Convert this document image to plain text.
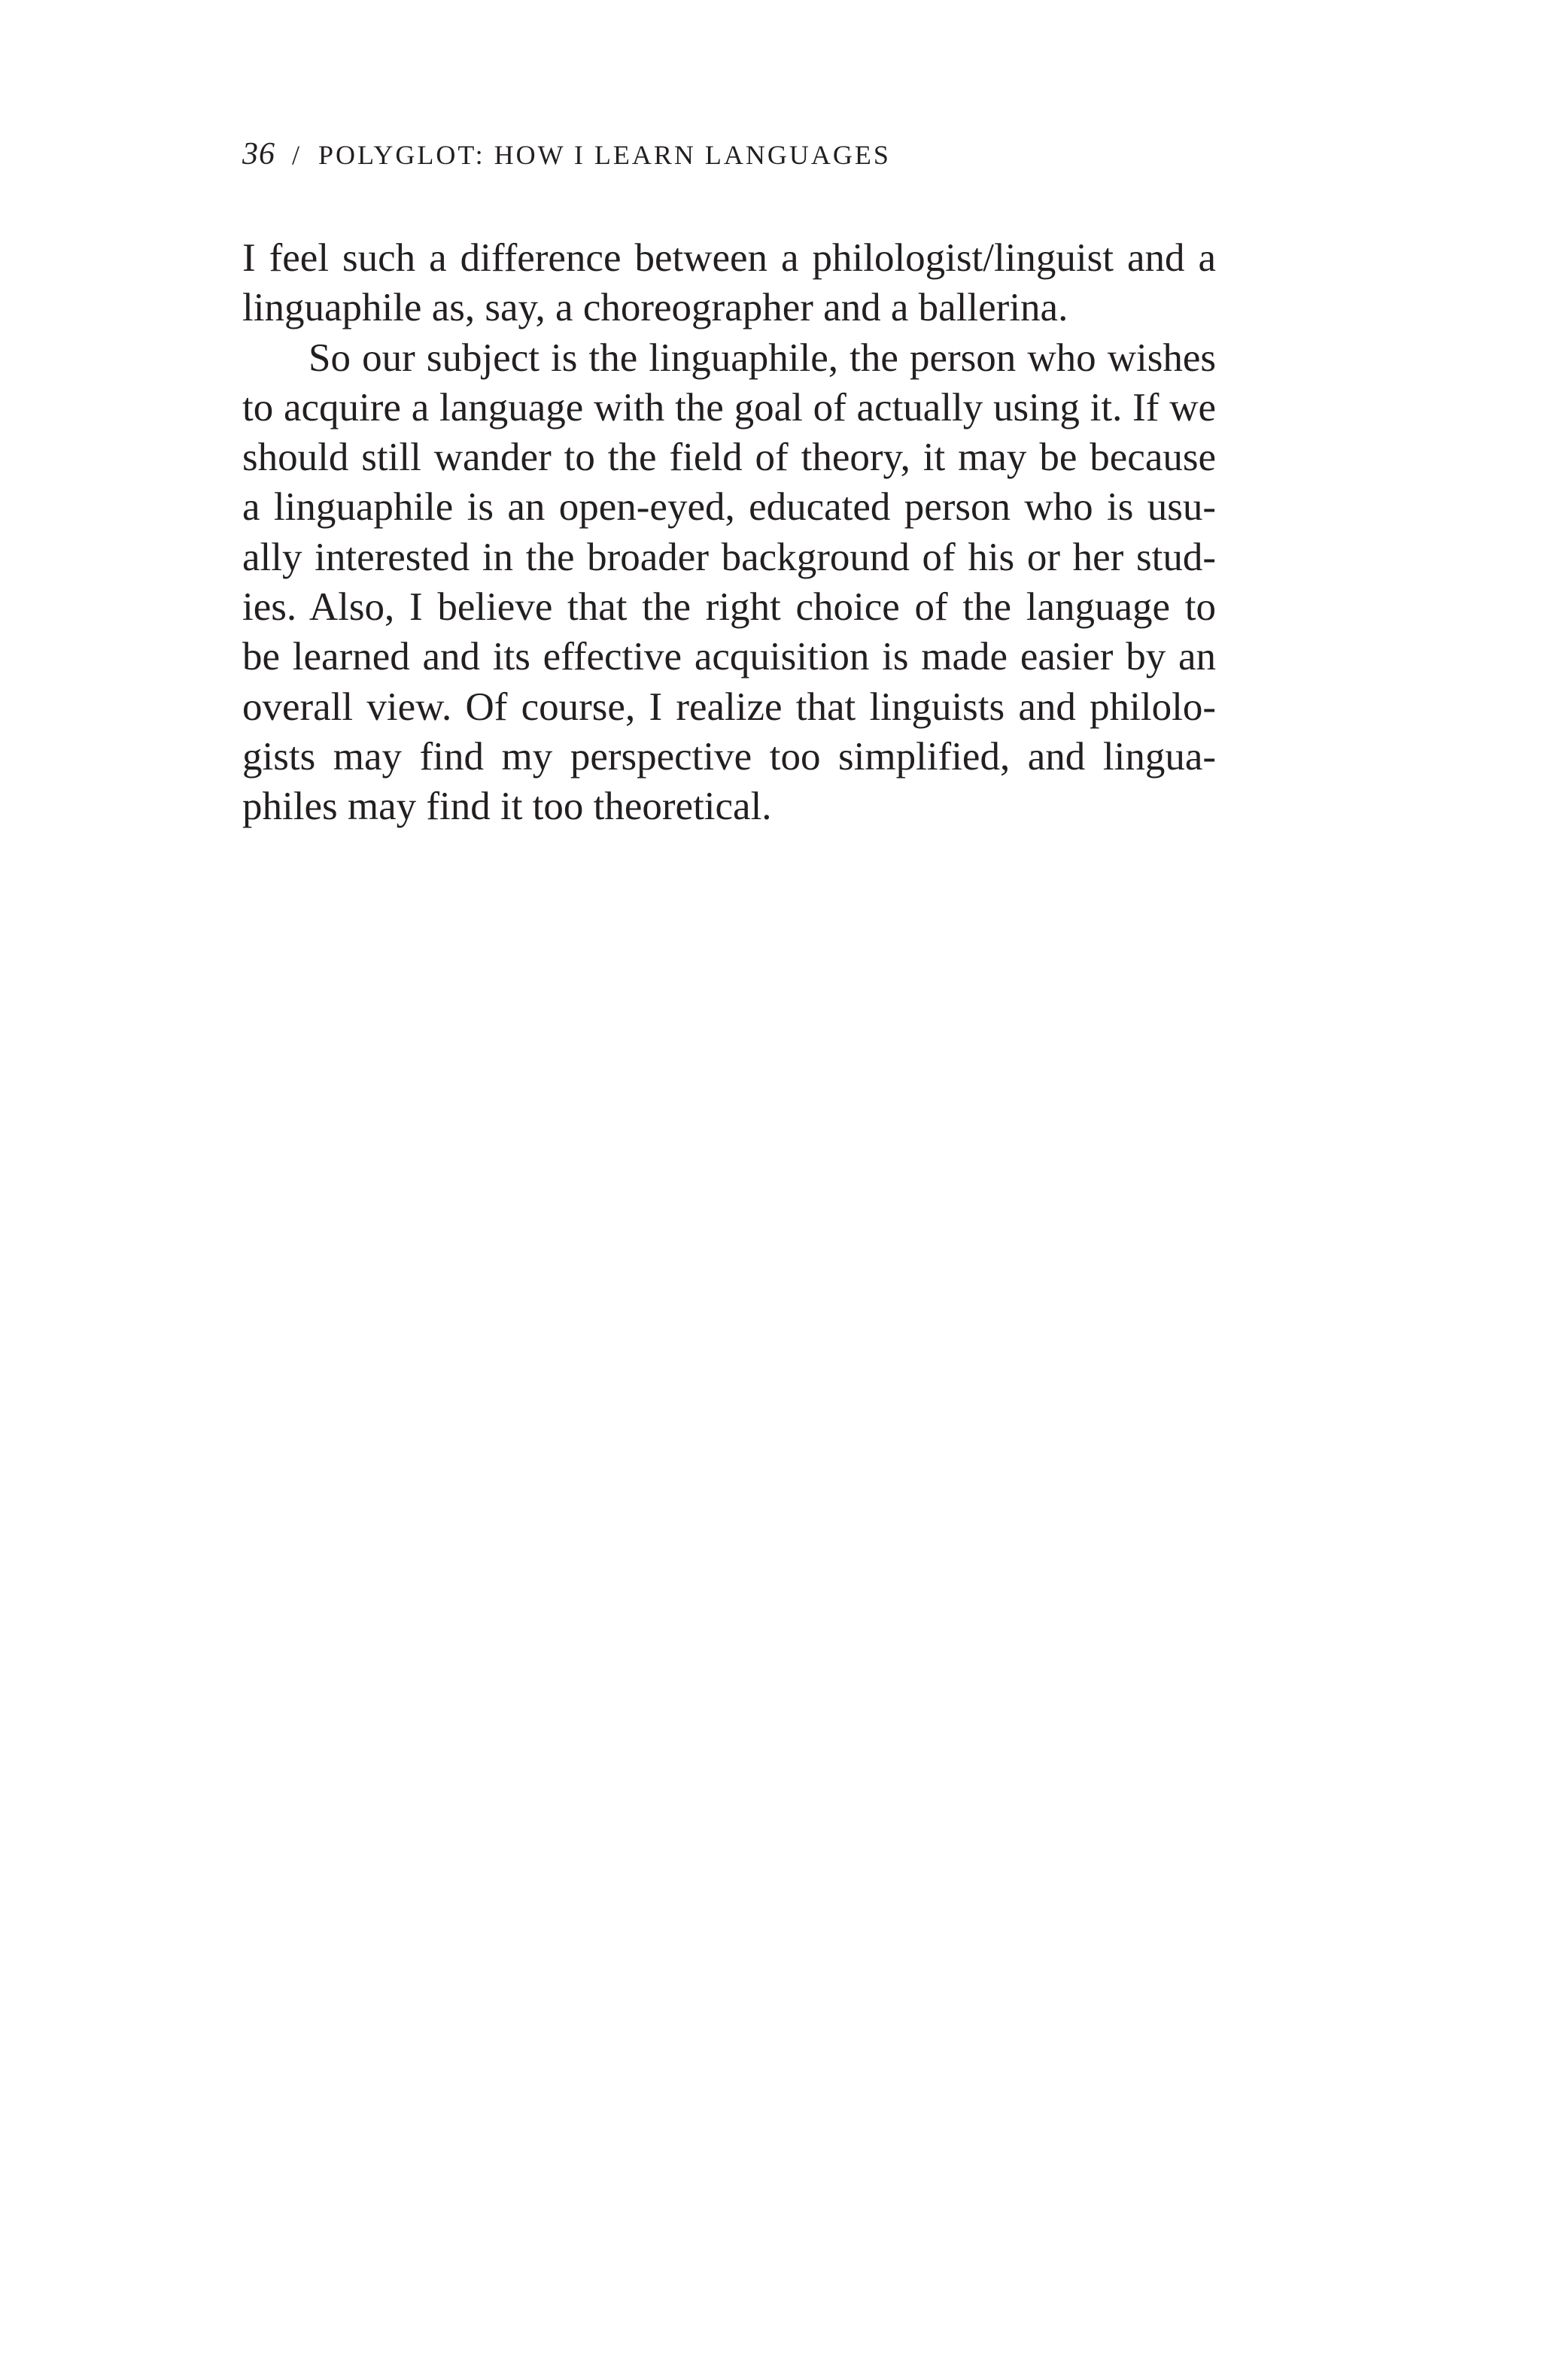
36 / POLYGLOT: HOW I LEARN LANGUAGES
I feel such a difference between a philologist/linguist and a
linguaphile as, say, a choreographer and a ballerina.
So our subject is the linguaphile, the person who wishes
to acquire a language with the goal of actually using it. If we
should still wander to the field of theory, it may be because
a linguaphile is an open-eyed, educated person who is usu-
ally interested in the broader background of his or her stud-
ies. Also, I believe that the right choice of the language to
be learned and its effective acquisition is made easier by an
overall view. Of course, I realize that linguists and philolo-
gists may find my perspective too simplified, and lingua-
philes may find it too theoretical.
